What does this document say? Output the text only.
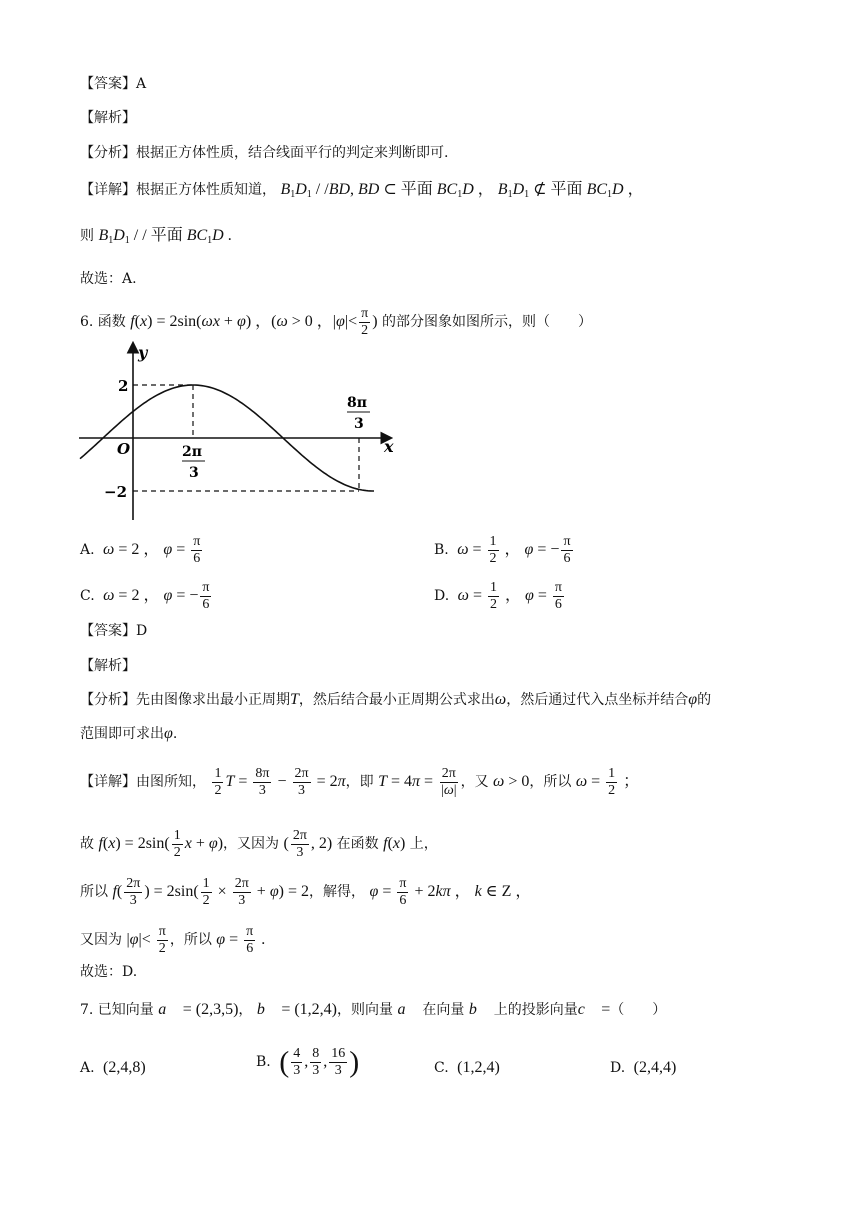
【答案】A
【解析】
【分析】根据正方体性质，结合线面平行的判定来判断即可.
【详解】根据正方体性质知道， $B_1D_1 / /BD$, BD ⊂ 平面 $BC_1D$ ， $B_1D_1$ ⊄ 平面 $BC_1D$ ，
则 $B_1D_1$ / / 平面 $BC_1D$ .
故选：A.
6. 函数 f(x) = 2sin(ωx + φ) ，(ω > 0 ，$|\varphi|< \frac{\pi}{2}$ ) 的部分图象如图所示，则（　　）
y
x
O
2
−2
2π
3
8π
3
A. ω = 2 ， $\varphi = \frac{\pi}{6}$	B. $\omega = \frac{1}{2}$ ， φ = − $\frac{\pi}{6}$
C. ω = 2 ， φ = − $\frac{\pi}{6}$	D. $\omega = \frac{1}{2}$ ， $\varphi = \frac{\pi}{6}$
【答案】D
【解析】
【分析】先由图像求出最小正周期T，然后结合最小正周期公式求出ω，然后通过代入点坐标并结合φ的
范围即可求出φ.
【详解】由图所知， $\frac{1}{2}$ $T = \frac{8\pi}{3} - \frac{2\pi}{3} = 2\pi$，即 $T = 4\pi = \frac{2\pi}{|\omega|}$ ，又 ω > 0，所以 $\omega = \frac{1}{2}$ ；
故 $f(x) = 2\sin( \frac{1}{2}$ x + φ)，又因为 ( $\frac{2\pi}{3}$ , 2) 在函数 f(x) 上，
所以 $f( \frac{2\pi}{3}$ ) = $2\sin( \frac{1}{2} \times \frac{2\pi}{3} + \varphi) = 2$，解得， $\varphi = \frac{\pi}{6} + 2k\pi$ ， k ∈ Z ，
又因为 $|\varphi|< \frac{\pi}{2}$ ，所以 $\varphi = \frac{\pi}{6}$ .
故选：D.
7. 已知向量 a⃗ = (2,3,5)， b⃗ = (1,2,4)，则向量 a⃗ 在向量 b⃗ 上的投影向量c⃗ =（　　）
A.  (2,4,8)	B. ( $\frac{4}{3}$ , $\frac{8}{3}$ , $\frac{16}{3}$ )	C.  (1,2,4)	D.  (2,4,4)
